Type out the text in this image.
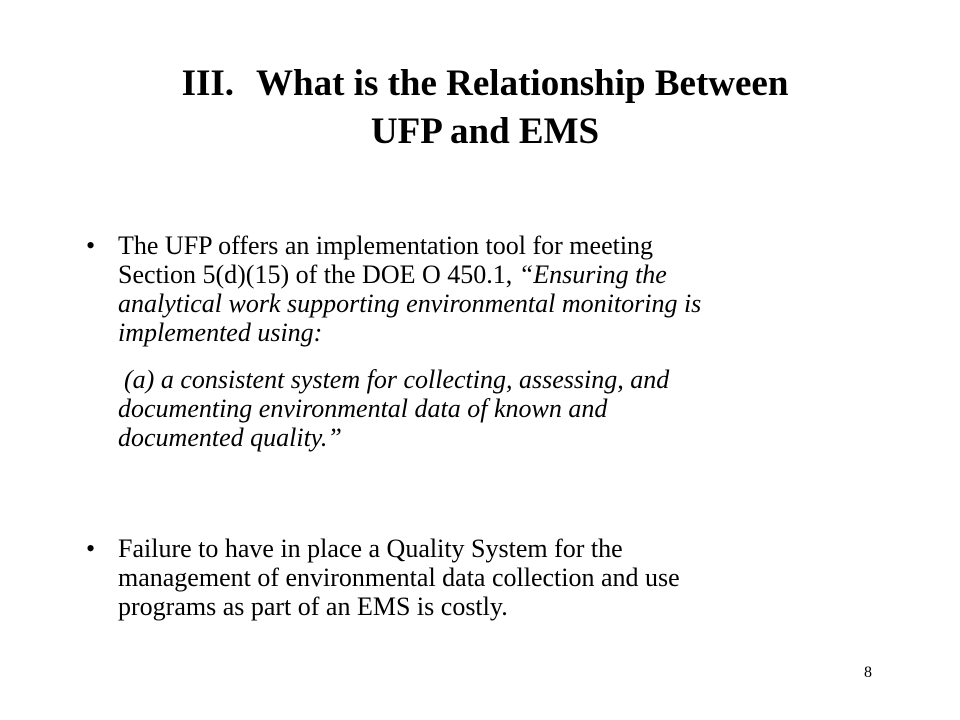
III. What is the Relationship Between
UFP and EMS
• The UFP offers an implementation tool for meeting
Section 5(d)(15) of the DOE O 450.1, “Ensuring the
analytical work supporting environmental monitoring is
implemented using:
(a) a consistent system for collecting, assessing, and
documenting environmental data of known and
documented quality.”
• Failure to have in place a Quality System for the
management of environmental data collection and use
programs as part of an EMS is costly.
8
